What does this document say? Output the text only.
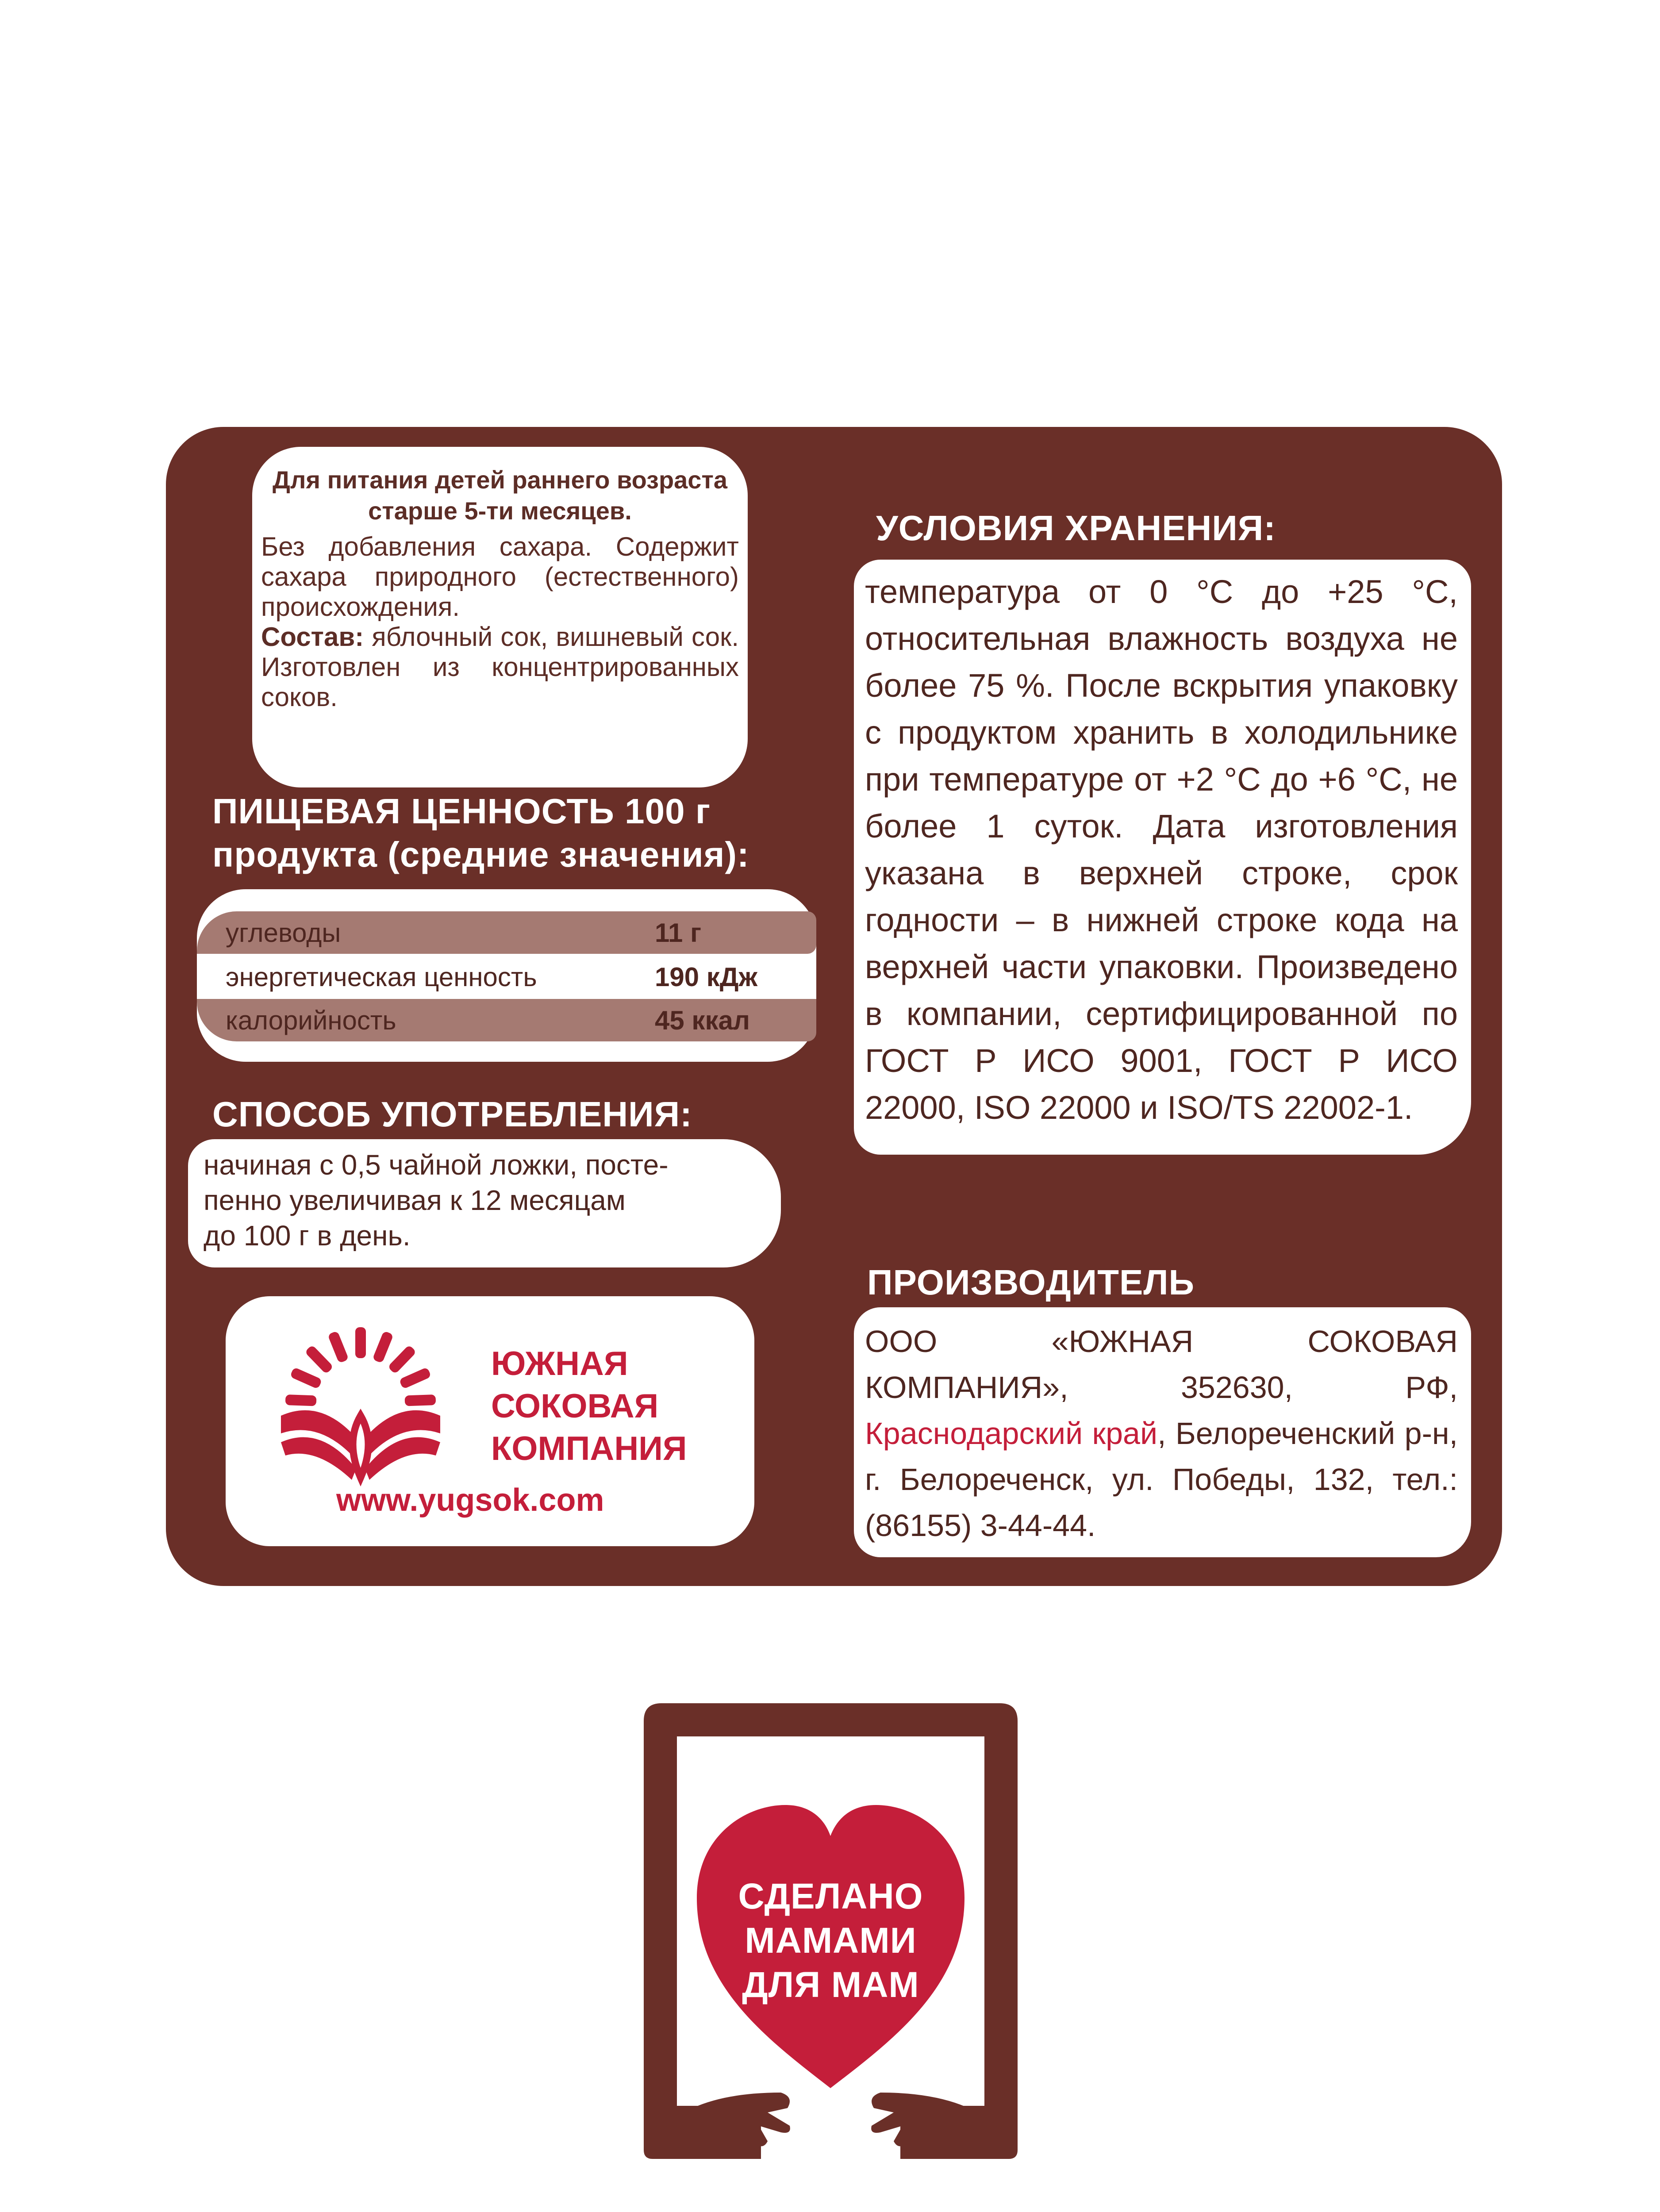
Для питания детей раннего возраста
старше 5-ти месяцев.
Без добавления сахара. Содержит сахара природного (естественного) происхождения.
Состав: яблочный сок, вишневый сок. Изготовлен из концентрированных соков.
ПИЩЕВАЯ ЦЕННОСТЬ 100 г
продукта (средние значения):
углеводы	11 г
энергетическая ценность	190 кДж
калорийность	45 ккал
СПОСОБ УПОТРЕБЛЕНИЯ:
начиная с 0,5 чайной ложки, посте-
пенно увеличивая к 12 месяцам
до 100 г в день.
УСЛОВИЯ ХРАНЕНИЯ:
температура от 0 °С до +25 °С, относительная влажность воздуха не более 75 %. После вскрытия упаковку с продуктом хранить в холодильнике при температуре от +2 °С до +6 °С, не более 1 суток. Дата изготовления указана в верхней строке, срок годности – в нижней строке кода на верхней части упаковки. Произведено в компании, сертифицированной по ГОСТ Р ИСО 9001, ГОСТ Р ИСО 22000, ISO 22000 и ISO/TS 22002-1.
ЮЖНАЯ
СОКОВАЯ
КОМПАНИЯ
www.yugsok.com
ПРОИЗВОДИТЕЛЬ
ООО «ЮЖНАЯ СОКОВАЯ КОМПАНИЯ», 352630, РФ, Краснодарский край, Белореченский р-н, г. Белореченск, ул. Победы, 132, тел.: (86155) 3-44-44.
СДЕЛАНО
МАМАМИ
ДЛЯ МАМ
